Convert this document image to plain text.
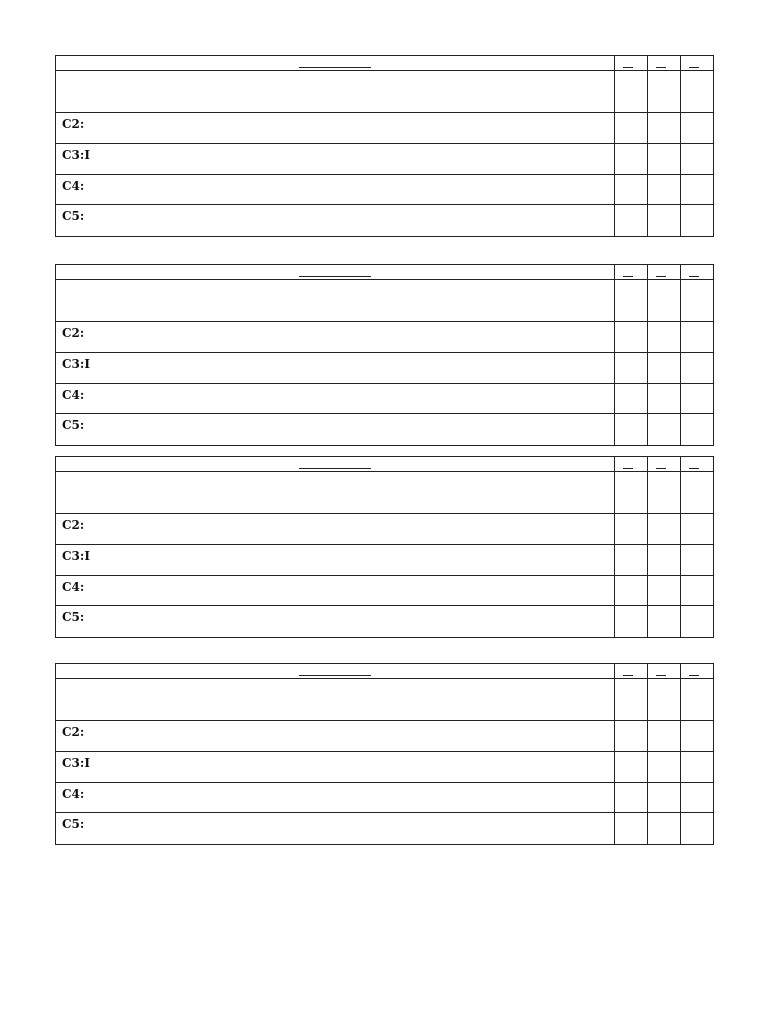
C2:			
C3:I			
C4:			
C5:			

C2:			
C3:I			
C4:			
C5:			

C2:			
C3:I			
C4:			
C5:			

C2:			
C3:I			
C4:			
C5:			
